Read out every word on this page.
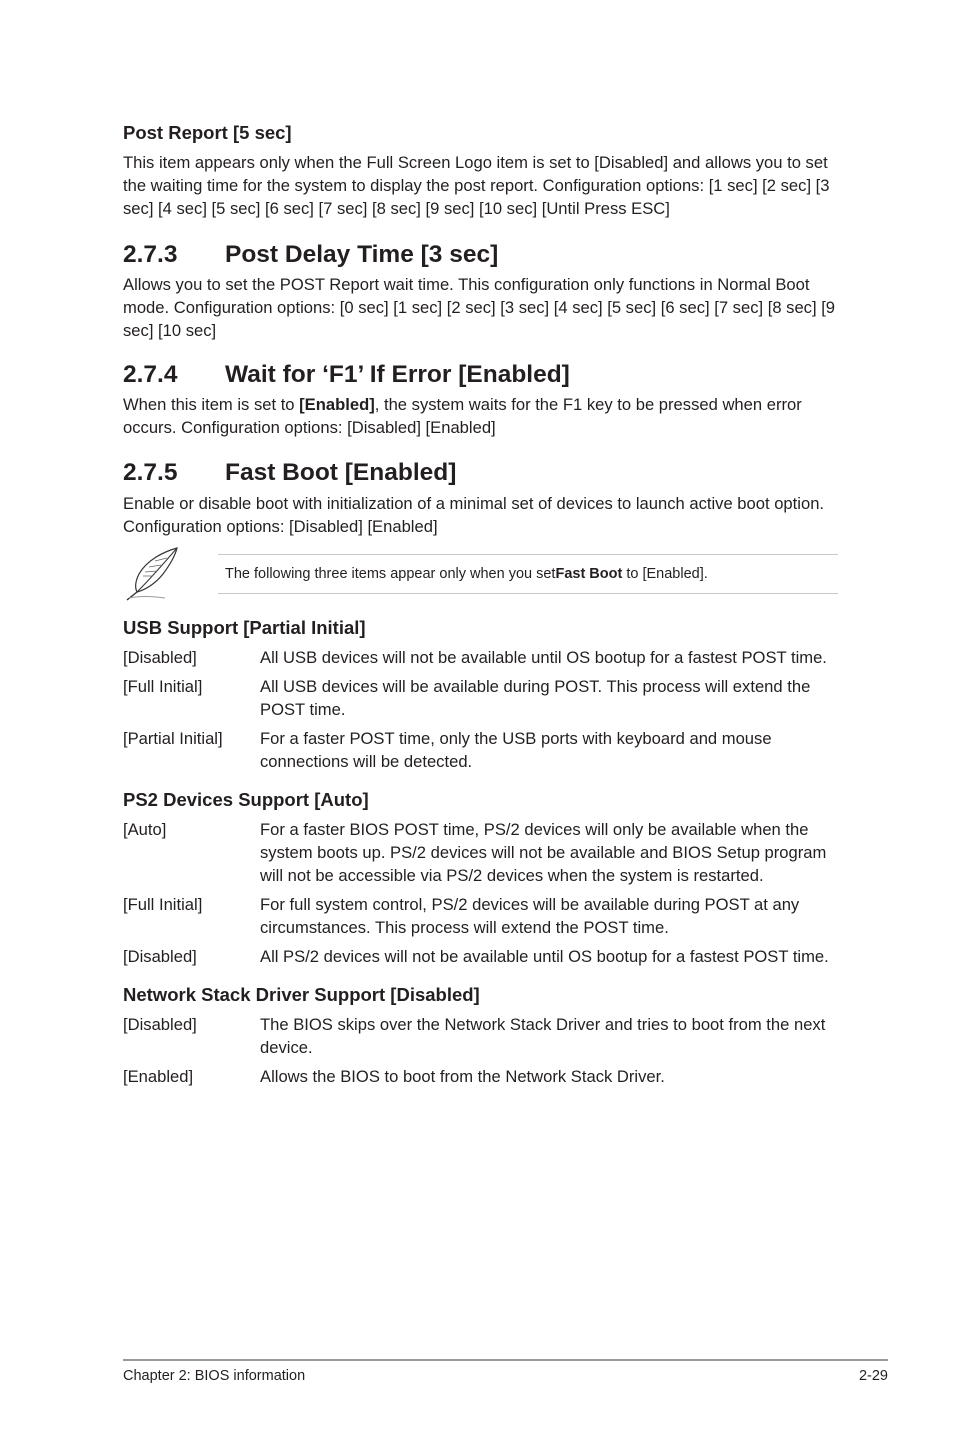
Post Report [5 sec]

This item appears only when the Full Screen Logo item is set to [Disabled] and allows you to set the waiting time for the system to display the post report. Configuration options: [1 sec] [2 sec] [3 sec] [4 sec] [5 sec] [6 sec] [7 sec] [8 sec] [9 sec] [10 sec] [Until Press ESC]

2.7.3	Post Delay Time [3 sec]

Allows you to set the POST Report wait time. This configuration only functions in Normal Boot mode. Configuration options: [0 sec] [1 sec] [2 sec] [3 sec] [4 sec] [5 sec] [6 sec] [7 sec] [8 sec] [9 sec] [10 sec]

2.7.4	Wait for ‘F1’ If Error [Enabled]

When this item is set to [Enabled], the system waits for the F1 key to be pressed when error occurs. Configuration options: [Disabled] [Enabled]

2.7.5	Fast Boot [Enabled]

Enable or disable boot with initialization of a minimal set of devices to launch active boot option. Configuration options: [Disabled] [Enabled]

The following three items appear only when you set Fast Boot to [Enabled].
USB Support [Partial Initial]
[Disabled]	All USB devices will not be available until OS bootup for a fastest POST time.
[Full Initial]	All USB devices will be available during POST. This process will extend the POST time.
[Partial Initial]	For a faster POST time, only the USB ports with keyboard and mouse connections will be detected.
PS2 Devices Support [Auto]
[Auto]	For a faster BIOS POST time, PS/2 devices will only be available when the system boots up. PS/2 devices will not be available and BIOS Setup program will not be accessible via PS/2 devices when the system is restarted.
[Full Initial]	For full system control, PS/2 devices will be available during POST at any circumstances. This process will extend the POST time.
[Disabled]	All PS/2 devices will not be available until OS bootup for a fastest POST time.
Network Stack Driver Support [Disabled]
[Disabled]	The BIOS skips over the Network Stack Driver and tries to boot from the next device.
[Enabled]	Allows the BIOS to boot from the Network Stack Driver.
Chapter 2: BIOS information	2-29
